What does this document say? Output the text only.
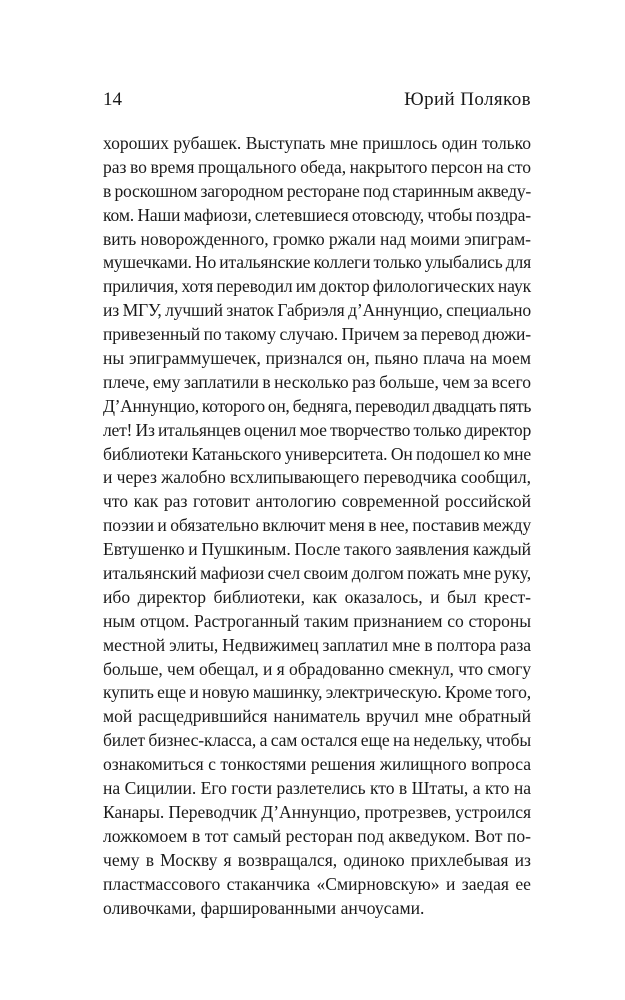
14	Юрий Поляков
хороших рубашек. Выступать мне пришлось один только
раз во время прощального обеда, накрытого персон на сто
в роскошном загородном ресторане под старинным акведу-
ком. Наши мафиози, слетевшиеся отовсюду, чтобы поздра-
вить новорожденного, громко ржали над моими эпиграм-
мушечками. Но итальянские коллеги только улыбались для
приличия, хотя переводил им доктор филологических наук
из МГУ, лучший знаток Габриэля д’Аннунцио, специально
привезенный по такому случаю. Причем за перевод дюжи-
ны эпиграммушечек, признался он, пьяно плача на моем
плече, ему заплатили в несколько раз больше, чем за всего
Д’Аннунцио, которого он, бедняга, переводил двадцать пять
лет! Из итальянцев оценил мое творчество только директор
библиотеки Катаньского университета. Он подошел ко мне
и через жалобно всхлипывающего переводчика сообщил,
что как раз готовит антологию современной российской
поэзии и обязательно включит меня в нее, поставив между
Евтушенко и Пушкиным. После такого заявления каждый
итальянский мафиози счел своим долгом пожать мне руку,
ибо директор библиотеки, как оказалось, и был крест-
ным отцом. Растроганный таким признанием со стороны
местной элиты, Недвижимец заплатил мне в полтора раза
больше, чем обещал, и я обрадованно смекнул, что смогу
купить еще и новую машинку, электрическую. Кроме того,
мой расщедрившийся наниматель вручил мне обратный
билет бизнес-класса, а сам остался еще на недельку, чтобы
ознакомиться с тонкостями решения жилищного вопроса
на Сицилии. Его гости разлетелись кто в Штаты, а кто на
Канары. Переводчик Д’Аннунцио, протрезвев, устроился
ложкомоем в тот самый ресторан под акведуком. Вот по-
чему в Москву я возвращался, одиноко прихлебывая из
пластмассового стаканчика «Смирновскую» и заедая ее
оливочками, фаршированными анчоусами.
